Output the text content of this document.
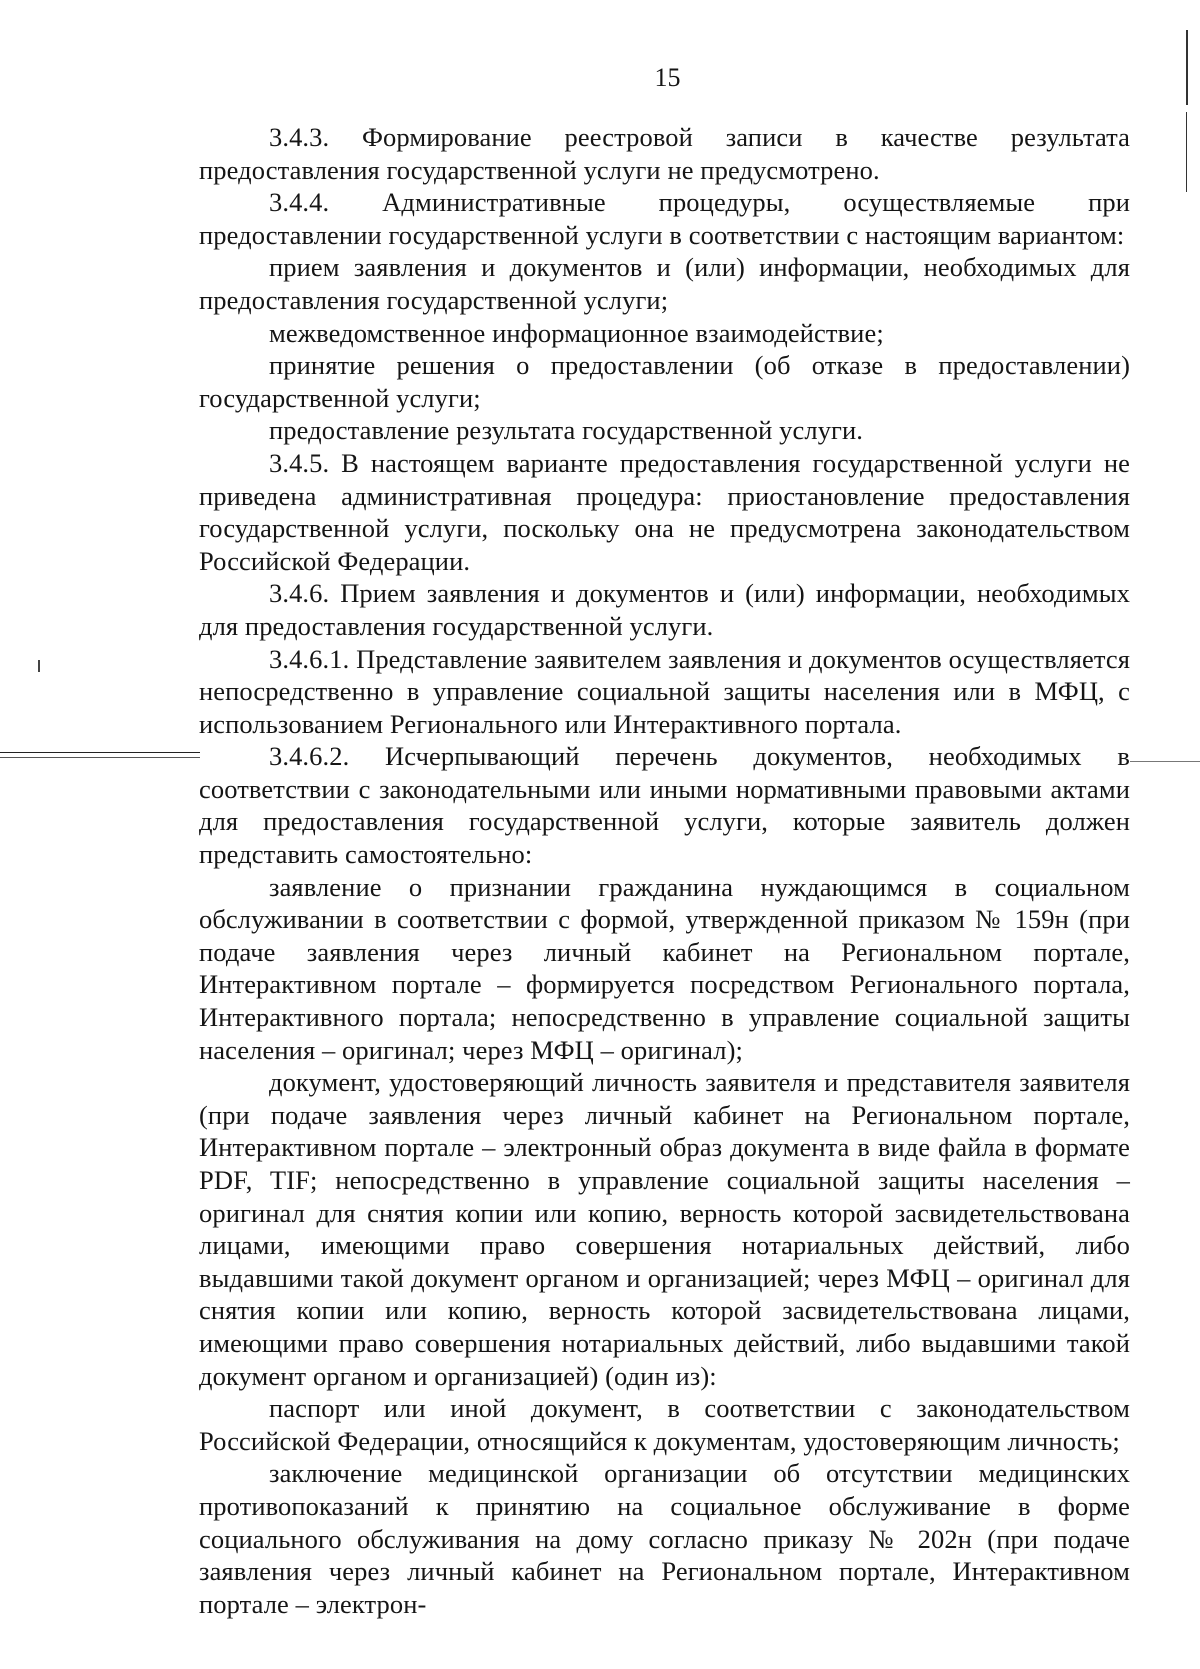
15

3.4.3. Формирование реестровой записи в качестве результата предоставления государственной услуги не предусмотрено.

3.4.4. Административные процедуры, осуществляемые при предоставлении государственной услуги в соответствии с настоящим вариантом:

прием заявления и документов и (или) информации, необходимых для предоставления государственной услуги;

межведомственное информационное взаимодействие;

принятие решения о предоставлении (об отказе в предоставлении) государственной услуги;

предоставление результата государственной услуги.

3.4.5. В настоящем варианте предоставления государственной услуги не приведена административная процедура: приостановление предоставления государственной услуги, поскольку она не предусмотрена законодательством Российской Федерации.

3.4.6. Прием заявления и документов и (или) информации, необходимых для предоставления государственной услуги.

3.4.6.1. Представление заявителем заявления и документов осуществляется непосредственно в управление социальной защиты населения или в МФЦ, с использованием Регионального или Интерактивного портала.

3.4.6.2. Исчерпывающий перечень документов, необходимых в соответствии с законодательными или иными нормативными правовыми актами для предоставления государственной услуги, которые заявитель должен представить самостоятельно:

заявление о признании гражданина нуждающимся в социальном обслуживании в соответствии с формой, утвержденной приказом № 159н (при подаче заявления через личный кабинет на Региональном портале, Интерактивном портале – формируется посредством Регионального портала, Интерактивного портала; непосредственно в управление социальной защиты населения – оригинал; через МФЦ – оригинал);

документ, удостоверяющий личность заявителя и представителя заявителя (при подаче заявления через личный кабинет на Региональном портале, Интерактивном портале – электронный образ документа в виде файла в формате PDF, TIF; непосредственно в управление социальной защиты населения – оригинал для снятия копии или копию, верность которой засвидетельствована лицами, имеющими право совершения нотариальных действий, либо выдавшими такой документ органом и организацией; через МФЦ – оригинал для снятия копии или копию, верность которой засвидетельствована лицами, имеющими право совершения нотариальных действий, либо выдавшими такой документ органом и организацией) (один из):

паспорт или иной документ, в соответствии с законодательством Российской Федерации, относящийся к документам, удостоверяющим личность;

заключение медицинской организации об отсутствии медицинских противопоказаний к принятию на социальное обслуживание в форме социального обслуживания на дому согласно приказу № 202н (при подаче заявления через личный кабинет на Региональном портале, Интерактивном портале – электрон-
